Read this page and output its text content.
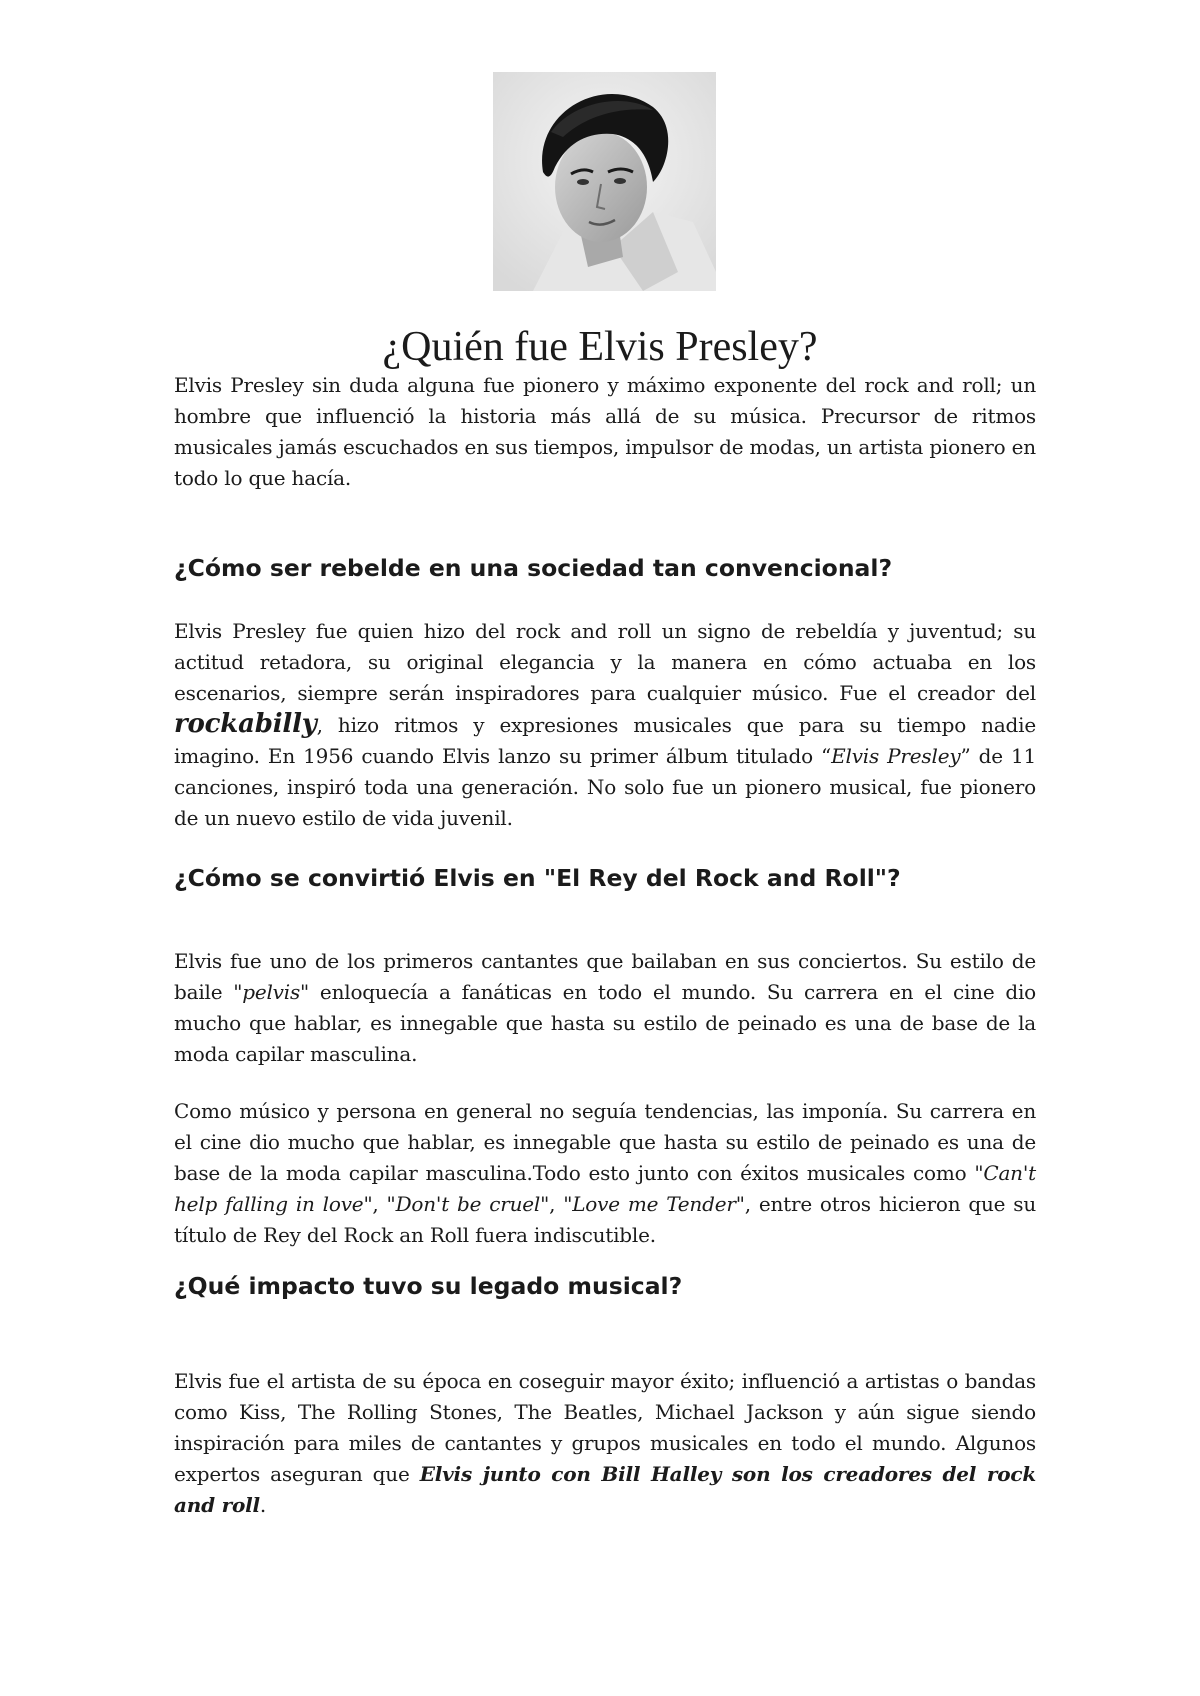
¿Quién fue Elvis Presley?

Elvis Presley sin duda alguna fue pionero y máximo exponente del rock and roll; un hombre que influenció la historia más allá de su música. Precursor de ritmos musicales jamás escuchados en sus tiempos, impulsor de modas, un artista pionero en todo lo que hacía.

¿Cómo ser rebelde en una sociedad tan convencional?

Elvis Presley fue quien hizo del rock and roll un signo de rebeldía y juventud; su actitud retadora, su original elegancia y la manera en cómo actuaba en los escenarios, siempre serán inspiradores para cualquier músico. Fue el creador del rockabilly, hizo ritmos y expresiones musicales que para su tiempo nadie imagino. En 1956 cuando Elvis lanzo su primer álbum titulado “Elvis Presley” de 11 canciones, inspiró toda una generación. No solo fue un pionero musical, fue pionero de un nuevo estilo de vida juvenil.

¿Cómo se convirtió Elvis en "El Rey del Rock and Roll"?

Elvis fue uno de los primeros cantantes que bailaban en sus conciertos. Su estilo de baile "pelvis" enloquecía a fanáticas en todo el mundo. Su carrera en el cine dio mucho que hablar, es innegable que hasta su estilo de peinado es una de base de la moda capilar masculina.

Como músico y persona en general no seguía tendencias, las imponía. Su carrera en el cine dio mucho que hablar, es innegable que hasta su estilo de peinado es una de base de la moda capilar masculina.Todo esto junto con éxitos musicales como "Can't help falling in love", "Don't be cruel", "Love me Tender", entre otros hicieron que su título de Rey del Rock an Roll fuera indiscutible.

¿Qué impacto tuvo su legado musical?

Elvis fue el artista de su época en coseguir mayor éxito; influenció a artistas o bandas como Kiss, The Rolling Stones, The Beatles, Michael Jackson y aún sigue siendo inspiración para miles de cantantes y grupos musicales en todo el mundo. Algunos expertos aseguran que Elvis junto con Bill Halley son los creadores del rock and roll.
